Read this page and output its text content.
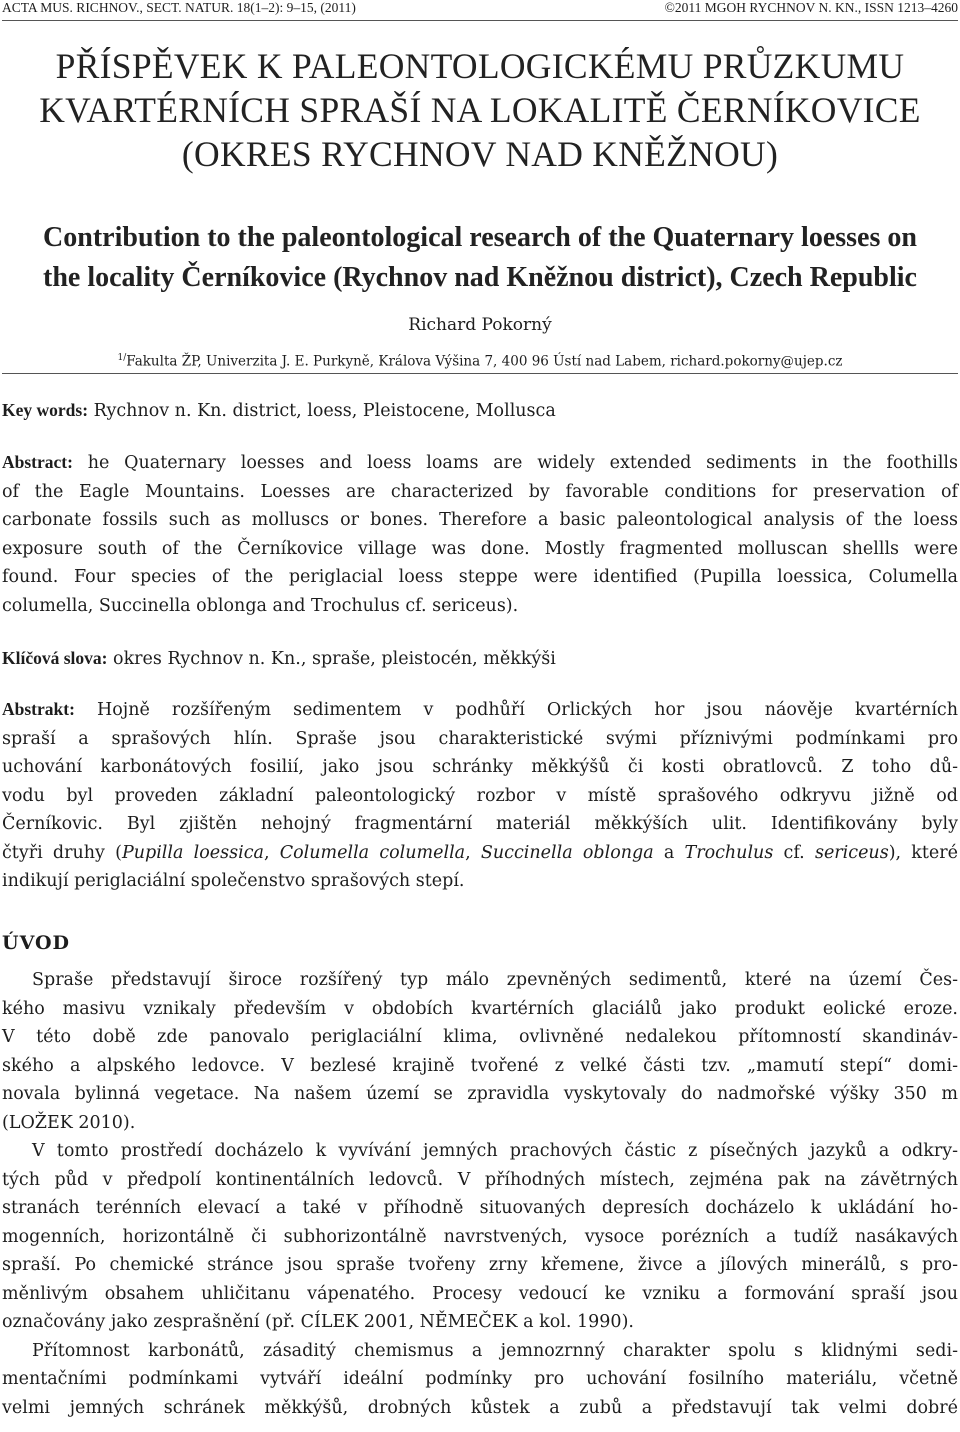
ACTA MUS. RICHNOV., SECT. NATUR. 18(1–2): 9–15, (2011)	©2011 MGOH RYCHNOV N. KN., ISSN 1213–4260
PŘÍSPĚVEK K PALEONTOLOGICKÉMU PRŮZKUMU
KVARTÉRNÍCH SPRAŠÍ NA LOKALITĚ ČERNÍKOVICE
(OKRES RYCHNOV NAD KNĚŽNOU)
Contribution to the paleontological research of the Quaternary loesses on
the locality Černíkovice (Rychnov nad Kněžnou district), Czech Republic
Richard Pokorný
$^{1/}$Fakulta ŽP, Univerzita J. E. Purkyně, Králova Výšina 7, 400 96 Ústí nad Labem, richard.pokorny@ujep.cz
Key words: Rychnov n. Kn. district, loess, Pleistocene, Mollusca
Abstract: he Quaternary loesses and loess loams are widely extended sediments in the foothills
of the Eagle Mountains. Loesses are characterized by favorable conditions for preservation of
carbonate fossils such as molluscs or bones. Therefore a basic paleontological analysis of the loess
exposure south of the Černíkovice village was done. Mostly fragmented molluscan shellls were
found. Four species of the periglacial loess steppe were identified (Pupilla loessica, Columella
columella, Succinella oblonga and Trochulus cf. sericeus).
Klíčová slova: okres Rychnov n. Kn., spraše, pleistocén, měkkýši
Abstrakt: Hojně rozšířeným sedimentem v podhůří Orlických hor jsou náověje kvartérních
spraší a sprašových hlín. Spraše jsou charakteristické svými příznivými podmínkami pro
uchování karbonátových fosilií, jako jsou schránky měkkýšů či kosti obratlovců. Z toho dů-
vodu byl proveden základní paleontologický rozbor v místě sprašového odkryvu jižně od
Černíkovic. Byl zjištěn nehojný fragmentární materiál měkkýších ulit. Identifikovány byly
čtyři druhy (Pupilla loessica, Columella columella, Succinella oblonga a Trochulus cf. sericeus), které
indikují periglaciální společenstvo sprašových stepí.
ÚVOD
Spraše představují široce rozšířený typ málo zpevněných sedimentů, které na území Čes-
kého masivu vznikaly především v obdobích kvartérních glaciálů jako produkt eolické eroze.
V této době zde panovalo periglaciální klima, ovlivněné nedalekou přítomností skandináv-
ského a alpského ledovce. V bezlesé krajině tvořené z velké části tzv. „mamutí stepí“ domi-
novala bylinná vegetace. Na našem území se zpravidla vyskytovaly do nadmořské výšky 350 m
(LOŽEK 2010).
V tomto prostředí docházelo k vyvívání jemných prachových částic z písečných jazyků a odkry-
tých půd v předpolí kontinentálních ledovců. V příhodných místech, zejména pak na závětrných
stranách terénních elevací a také v příhodně situovaných depresích docházelo k ukládání ho-
mogenních, horizontálně či subhorizontálně navrstvených, vysoce porézních a tudíž nasákavých
spraší. Po chemické stránce jsou spraše tvořeny zrny křemene, živce a jílových minerálů, s pro-
měnlivým obsahem uhličitanu vápenatého. Procesy vedoucí ke vzniku a formování spraší jsou
označovány jako zesprašnění (př. CÍLEK 2001, NĚMEČEK a kol. 1990).
Přítomnost karbonátů, zásaditý chemismus a jemnozrnný charakter spolu s klidnými sedi-
mentačními podmínkami vytváří ideální podmínky pro uchování fosilního materiálu, včetně
velmi jemných schránek měkkýšů, drobných kůstek a zubů a představují tak velmi dobré
